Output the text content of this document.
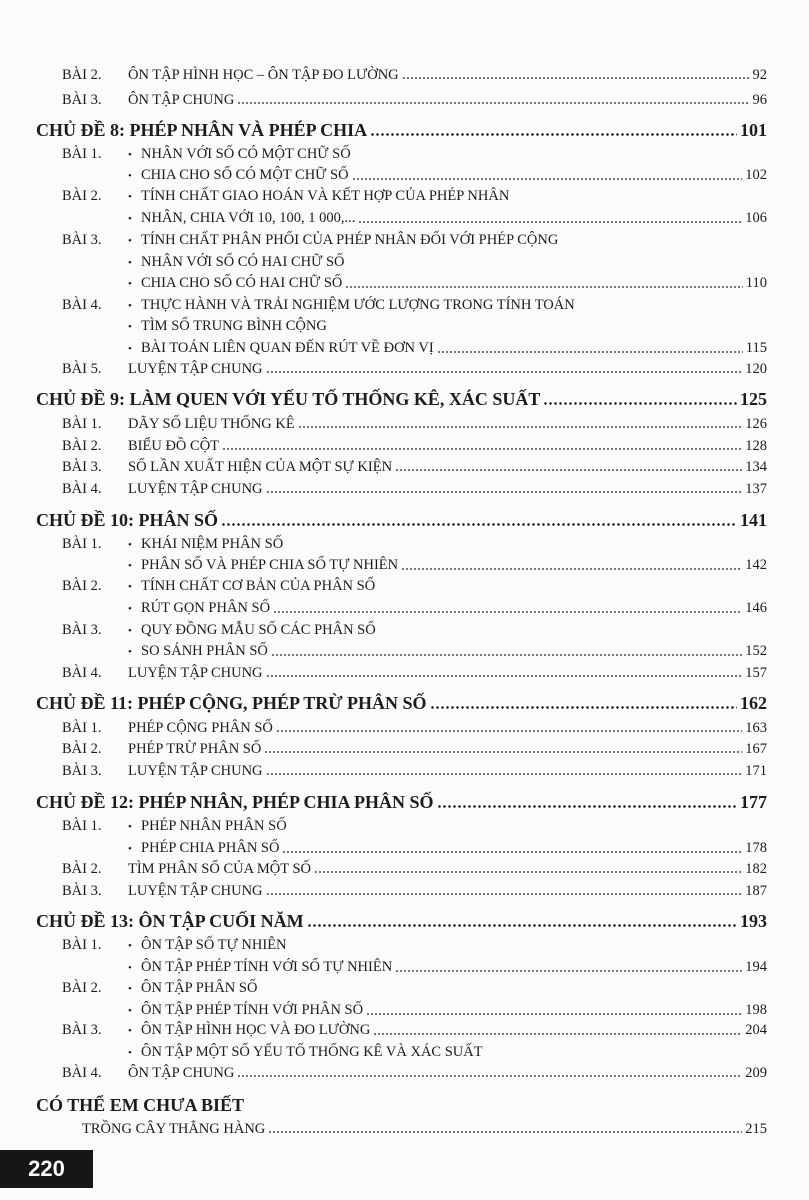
BÀI 2. ÔN TẬP HÌNH HỌC – ÔN TẬP ĐO LƯỜNG	92
BÀI 3. ÔN TẬP CHUNG	96
CHỦ ĐỀ 8: PHÉP NHÂN VÀ PHÉP CHIA	101
BÀI 1. • NHÂN VỚI SỐ CÓ MỘT CHỮ SỐ
• CHIA CHO SỐ CÓ MỘT CHỮ SỐ	102
BÀI 2. • TÍNH CHẤT GIAO HOÁN VÀ KẾT HỢP CỦA PHÉP NHÂN
• NHÂN, CHIA VỚI 10, 100, 1 000,...	106
BÀI 3. • TÍNH CHẤT PHÂN PHỐI CỦA PHÉP NHÂN ĐỐI VỚI PHÉP CỘNG
• NHÂN VỚI SỐ CÓ HAI CHỮ SỐ
• CHIA CHO SỐ CÓ HAI CHỮ SỐ	110
BÀI 4. • THỰC HÀNH VÀ TRẢI NGHIỆM ƯỚC LƯỢNG TRONG TÍNH TOÁN
• TÌM SỐ TRUNG BÌNH CỘNG
• BÀI TOÁN LIÊN QUAN ĐẾN RÚT VỀ ĐƠN VỊ	115
BÀI 5. LUYỆN TẬP CHUNG	120
CHỦ ĐỀ 9: LÀM QUEN VỚI YẾU TỐ THỐNG KÊ, XÁC SUẤT	125
BÀI 1. DÃY SỐ LIỆU THỐNG KÊ	126
BÀI 2. BIỂU ĐỒ CỘT	128
BÀI 3. SỐ LẦN XUẤT HIỆN CỦA MỘT SỰ KIỆN	134
BÀI 4. LUYỆN TẬP CHUNG	137
CHỦ ĐỀ 10: PHÂN SỐ	141
BÀI 1. • KHÁI NIỆM PHÂN SỐ
• PHÂN SỐ VÀ PHÉP CHIA SỐ TỰ NHIÊN	142
BÀI 2. • TÍNH CHẤT CƠ BẢN CỦA PHÂN SỐ
• RÚT GỌN PHÂN SỐ	146
BÀI 3. • QUY ĐỒNG MẪU SỐ CÁC PHÂN SỐ
• SO SÁNH PHÂN SỐ	152
BÀI 4. LUYỆN TẬP CHUNG	157
CHỦ ĐỀ 11: PHÉP CỘNG, PHÉP TRỪ PHÂN SỐ	162
BÀI 1. PHÉP CỘNG PHÂN SỐ	163
BÀI 2. PHÉP TRỪ PHÂN SỐ	167
BÀI 3. LUYỆN TẬP CHUNG	171
CHỦ ĐỀ 12: PHÉP NHÂN, PHÉP CHIA PHÂN SỐ	177
BÀI 1. • PHÉP NHÂN PHÂN SỐ
• PHÉP CHIA PHÂN SỐ	178
BÀI 2. TÌM PHÂN SỐ CỦA MỘT SỐ	182
BÀI 3. LUYỆN TẬP CHUNG	187
CHỦ ĐỀ 13: ÔN TẬP CUỐI NĂM	193
BÀI 1. • ÔN TẬP SỐ TỰ NHIÊN
• ÔN TẬP PHÉP TÍNH VỚI SỐ TỰ NHIÊN	194
BÀI 2. • ÔN TẬP PHÂN SỐ
• ÔN TẬP PHÉP TÍNH VỚI PHÂN SỐ	198
BÀI 3. • ÔN TẬP HÌNH HỌC VÀ ĐO LƯỜNG	204
• ÔN TẬP MỘT SỐ YẾU TỐ THỐNG KÊ VÀ XÁC SUẤT
BÀI 4. ÔN TẬP CHUNG	209
CÓ THỂ EM CHƯA BIẾT
TRỒNG CÂY THẲNG HÀNG	215
220
